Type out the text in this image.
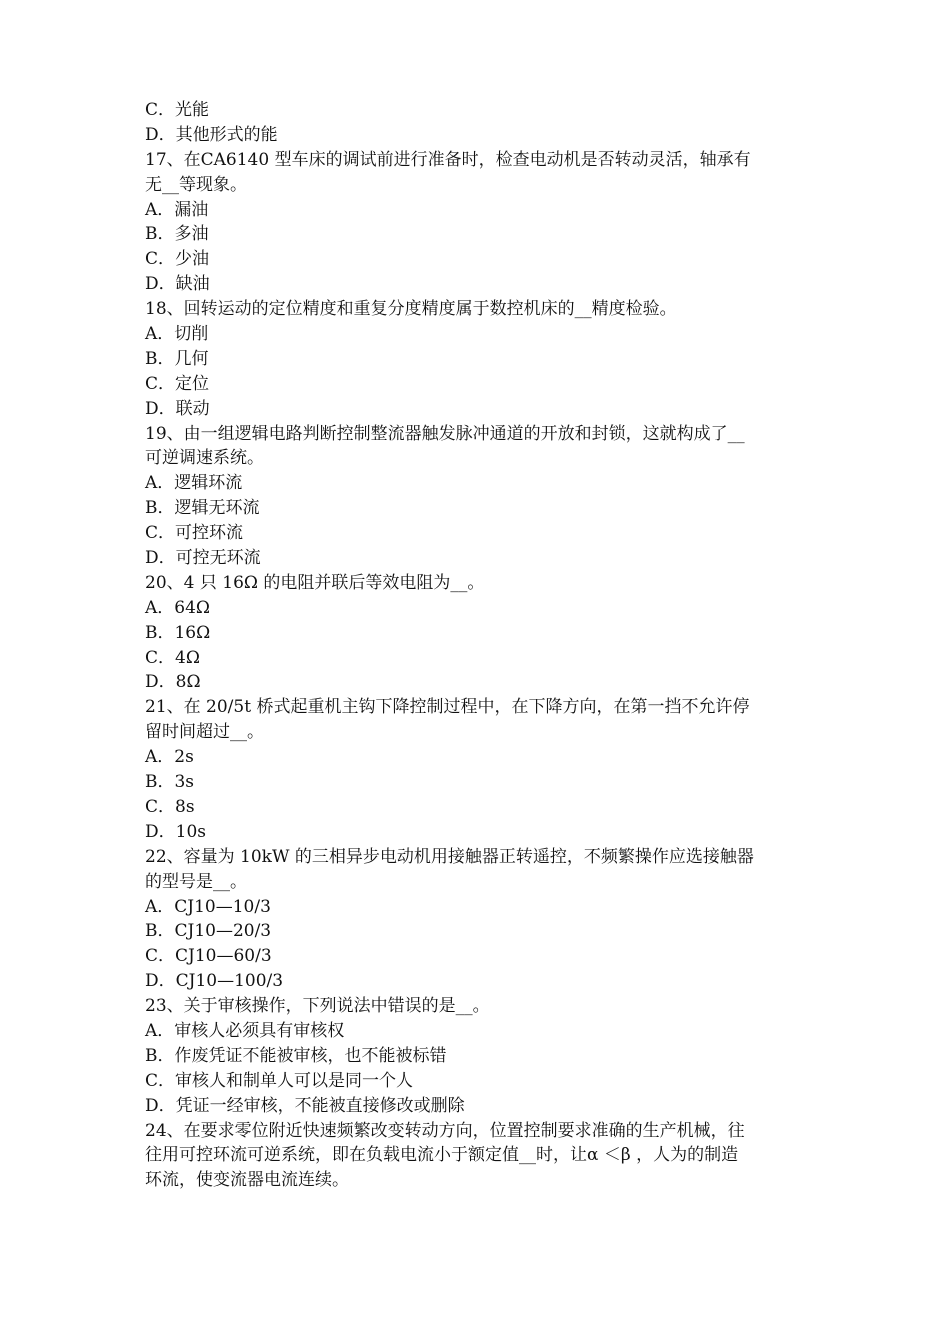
C．光能
D．其他形式的能
17、在CA6140 型车床的调试前进行准备时，检查电动机是否转动灵活，轴承有
无__等现象。
A．漏油
B．多油
C．少油
D．缺油
18、回转运动的定位精度和重复分度精度属于数控机床的__精度检验。
A．切削
B．几何
C．定位
D．联动
19、由一组逻辑电路判断控制整流器触发脉冲通道的开放和封锁，这就构成了__
可逆调速系统。
A．逻辑环流
B．逻辑无环流
C．可控环流
D．可控无环流
20、4 只 16Ω 的电阻并联后等效电阻为__。
A．64Ω
B．16Ω
C．4Ω
D．8Ω
21、在 20/5t 桥式起重机主钩下降控制过程中，在下降方向，在第一挡不允许停
留时间超过__。
A．2s
B．3s
C．8s
D．10s
22、容量为 10kW 的三相异步电动机用接触器正转遥控，不频繁操作应选接触器
的型号是__。
A．CJ10—10/3
B．CJ10—20/3
C．CJ10—60/3
D．CJ10—100/3
23、关于审核操作，下列说法中错误的是__。
A．审核人必须具有审核权
B．作废凭证不能被审核，也不能被标错
C．审核人和制单人可以是同一个人
D．凭证一经审核，不能被直接修改或删除
24、在要求零位附近快速频繁改变转动方向，位置控制要求准确的生产机械，往
往用可控环流可逆系统，即在负载电流小于额定值__时，让α ＜β ，人为的制造
环流，使变流器电流连续。
